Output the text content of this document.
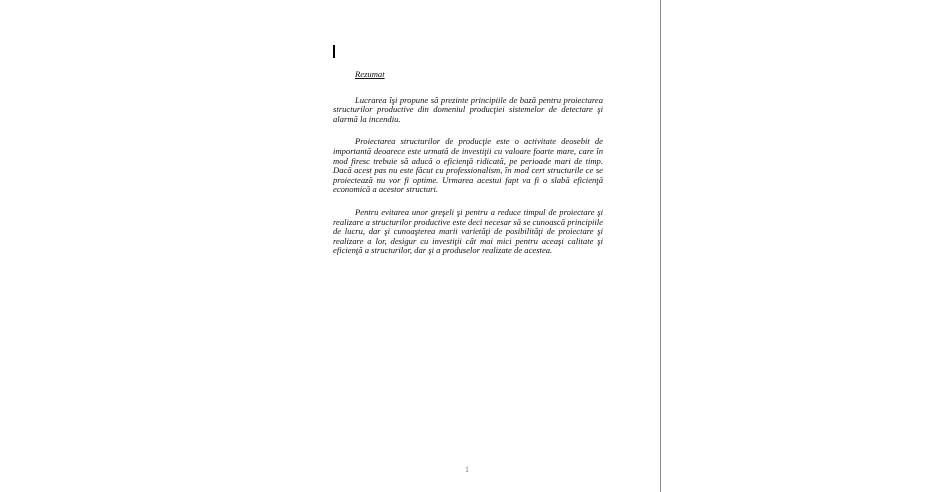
Rezumat

Lucrarea îşi propune să prezinte principiile de bază pentru proiectarea structurilor productive din domeniul producţiei sistemelor de detectare şi alarmă la incendiu.

Proiectarea structurilor de producţie este o activitate deosebit de importantă deoarece este urmată de investiţii cu valoare foarte mare, care în mod firesc trebuie să aducă o eficienţă ridicată, pe perioade mari de timp. Dacă acest pas nu este făcut cu professionalism, în mod cert structurile ce se proiectează nu vor fi optime. Urmarea acestui fapt va fi o slabă eficienţă economică a acestor structuri.

Pentru evitarea unor greşeli şi pentru a reduce timpul de proiectare şi realizare a structurilor productive este deci necesar să se cunoască principiile de lucru, dar şi cunoaşterea marii varietăţi de posibilităţi de proiectare şi realizare a lor, desigur cu investiţii cât mai mici pentru aceaşi calitate şi eficienţă a structurilor, dar şi a produselor realizate de acestea.

1
